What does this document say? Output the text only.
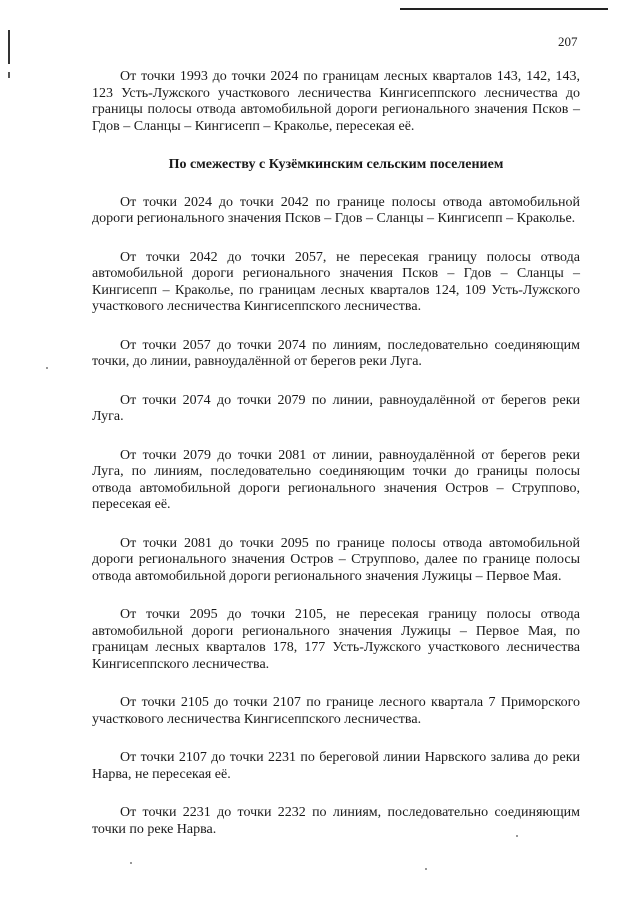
207

От точки 1993 до точки 2024 по границам лесных кварталов 143, 142, 143, 123 Усть-Лужского участкового лесничества Кингисеппского лесничества до границы полосы отвода автомобильной дороги регионального значения Псков – Гдов – Сланцы – Кингисепп – Краколье, пересекая её.

По смежеству с Кузёмкинским сельским поселением

От точки 2024 до точки 2042 по границе полосы отвода автомобильной дороги регионального значения Псков – Гдов – Сланцы – Кингисепп – Краколье.

От точки 2042 до точки 2057, не пересекая границу полосы отвода автомобильной дороги регионального значения Псков – Гдов – Сланцы – Кингисепп – Краколье, по границам лесных кварталов 124, 109 Усть-Лужского участкового лесничества Кингисеппского лесничества.

От точки 2057 до точки 2074 по линиям, последовательно соединяющим точки, до линии, равноудалённой от берегов реки Луга.

От точки 2074 до точки 2079 по линии, равноудалённой от берегов реки Луга.

От точки 2079 до точки 2081 от линии, равноудалённой от берегов реки Луга, по линиям, последовательно соединяющим точки до границы полосы отвода автомобильной дороги регионального значения Остров – Струппово, пересекая её.

От точки 2081 до точки 2095 по границе полосы отвода автомобильной дороги регионального значения Остров – Струппово, далее по границе полосы отвода автомобильной дороги регионального значения Лужицы – Первое Мая.

От точки 2095 до точки 2105, не пересекая границу полосы отвода автомобильной дороги регионального значения Лужицы – Первое Мая, по границам лесных кварталов 178, 177 Усть-Лужского участкового лесничества Кингисеппского лесничества.

От точки 2105 до точки 2107 по границе лесного квартала 7 Приморского участкового лесничества Кингисеппского лесничества.

От точки 2107 до точки 2231 по береговой линии Нарвского залива до реки Нарва, не пересекая её.

От точки 2231 до точки 2232 по линиям, последовательно соединяющим точки по реке Нарва.
